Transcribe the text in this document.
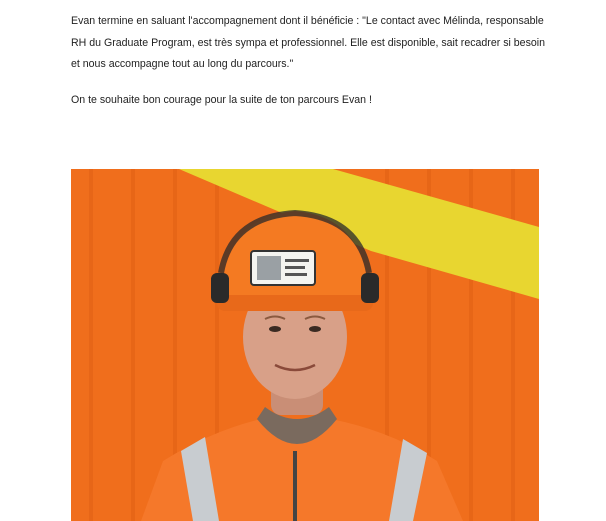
Evan termine en saluant l'accompagnement dont il bénéficie : "Le contact avec Mélinda, responsable RH du Graduate Program, est très sympa et professionnel. Elle est disponible, sait recadrer si besoin et nous accompagne tout au long du parcours."

On te souhaite bon courage pour la suite de ton parcours Evan !
